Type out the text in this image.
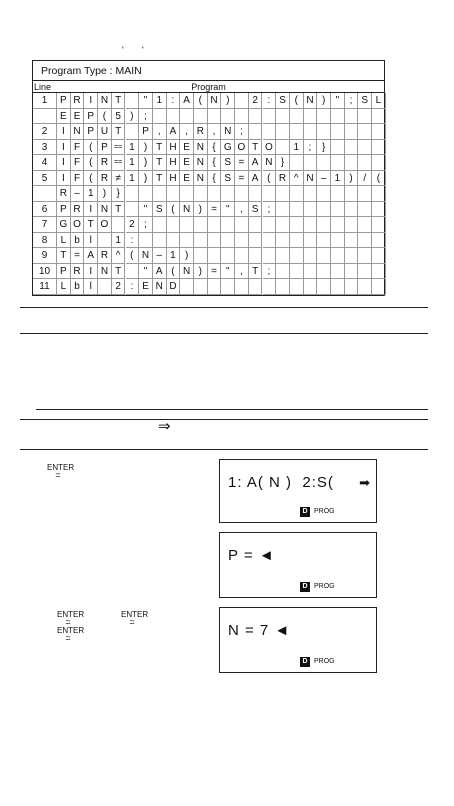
' '
Program Type : MAIN
Line	Program
1	P R I N T	" 1 : A ( N )	2 : S ( N )	"	; S L
E E P ( 5 )	;
2	I N P U T	P , A , R , N ;
3	I F ( P == 1 ) T H E N { G O T O	1 ;	}
4	I F ( R == 1 ) T H E N { S = A N }
5	I F ( R ≠ 1 ) T H E N { S = A ( R ^ N – 1 )	/	(
R – 1 )	}
6	P R I N T	" S ( N ) = "	, S ;
7	G O T O	2 ;
8	L b l	1 :
9	T = A R ^ ( N – 1 )
10 P R I N T	" A ( N ) = "	, T ;
11	L b l	2 : E N D
⇒
ENTER
=
ENTER
=
ENTER
=
ENTER
=
1: A( N )  2:S( ➡
D PROG
P = ◄
D PROG
N = 7 ◄
D PROG
